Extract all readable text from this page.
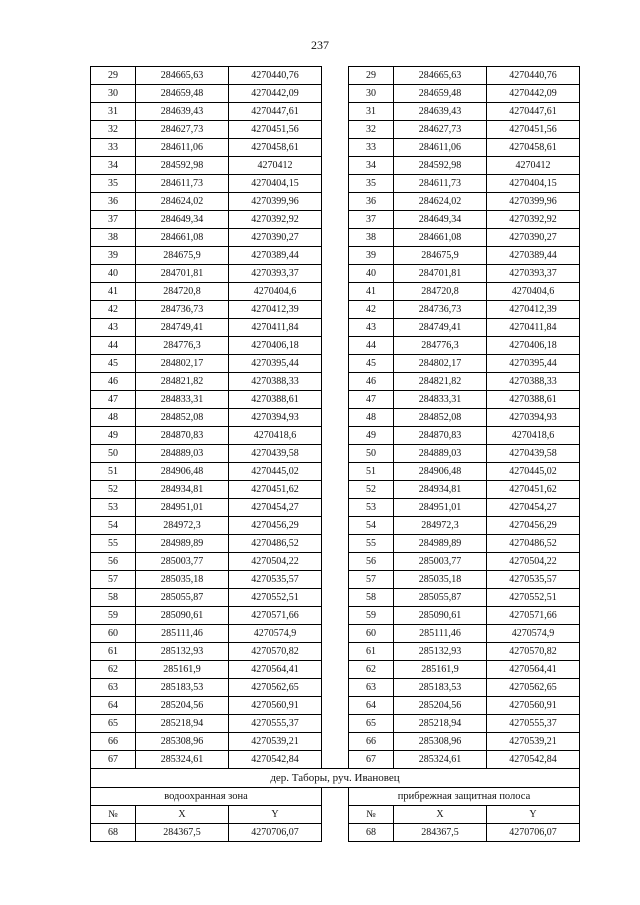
237
29	284665,63	4270440,76		29	284665,63	4270440,76
30	284659,48	4270442,09		30	284659,48	4270442,09
31	284639,43	4270447,61		31	284639,43	4270447,61
32	284627,73	4270451,56		32	284627,73	4270451,56
33	284611,06	4270458,61		33	284611,06	4270458,61
34	284592,98	4270412		34	284592,98	4270412
35	284611,73	4270404,15		35	284611,73	4270404,15
36	284624,02	4270399,96		36	284624,02	4270399,96
37	284649,34	4270392,92		37	284649,34	4270392,92
38	284661,08	4270390,27		38	284661,08	4270390,27
39	284675,9	4270389,44		39	284675,9	4270389,44
40	284701,81	4270393,37		40	284701,81	4270393,37
41	284720,8	4270404,6		41	284720,8	4270404,6
42	284736,73	4270412,39		42	284736,73	4270412,39
43	284749,41	4270411,84		43	284749,41	4270411,84
44	284776,3	4270406,18		44	284776,3	4270406,18
45	284802,17	4270395,44		45	284802,17	4270395,44
46	284821,82	4270388,33		46	284821,82	4270388,33
47	284833,31	4270388,61		47	284833,31	4270388,61
48	284852,08	4270394,93		48	284852,08	4270394,93
49	284870,83	4270418,6		49	284870,83	4270418,6
50	284889,03	4270439,58		50	284889,03	4270439,58
51	284906,48	4270445,02		51	284906,48	4270445,02
52	284934,81	4270451,62		52	284934,81	4270451,62
53	284951,01	4270454,27		53	284951,01	4270454,27
54	284972,3	4270456,29		54	284972,3	4270456,29
55	284989,89	4270486,52		55	284989,89	4270486,52
56	285003,77	4270504,22		56	285003,77	4270504,22
57	285035,18	4270535,57		57	285035,18	4270535,57
58	285055,87	4270552,51		58	285055,87	4270552,51
59	285090,61	4270571,66		59	285090,61	4270571,66
60	285111,46	4270574,9		60	285111,46	4270574,9
61	285132,93	4270570,82		61	285132,93	4270570,82
62	285161,9	4270564,41		62	285161,9	4270564,41
63	285183,53	4270562,65		63	285183,53	4270562,65
64	285204,56	4270560,91		64	285204,56	4270560,91
65	285218,94	4270555,37		65	285218,94	4270555,37
66	285308,96	4270539,21		66	285308,96	4270539,21
67	285324,61	4270542,84		67	285324,61	4270542,84
дер. Таборы, руч. Ивановец						
водоохранная зона				прибрежная защитная полоса		
№	X	Y		№	X	Y
68	284367,5	4270706,07		68	284367,5	4270706,07
